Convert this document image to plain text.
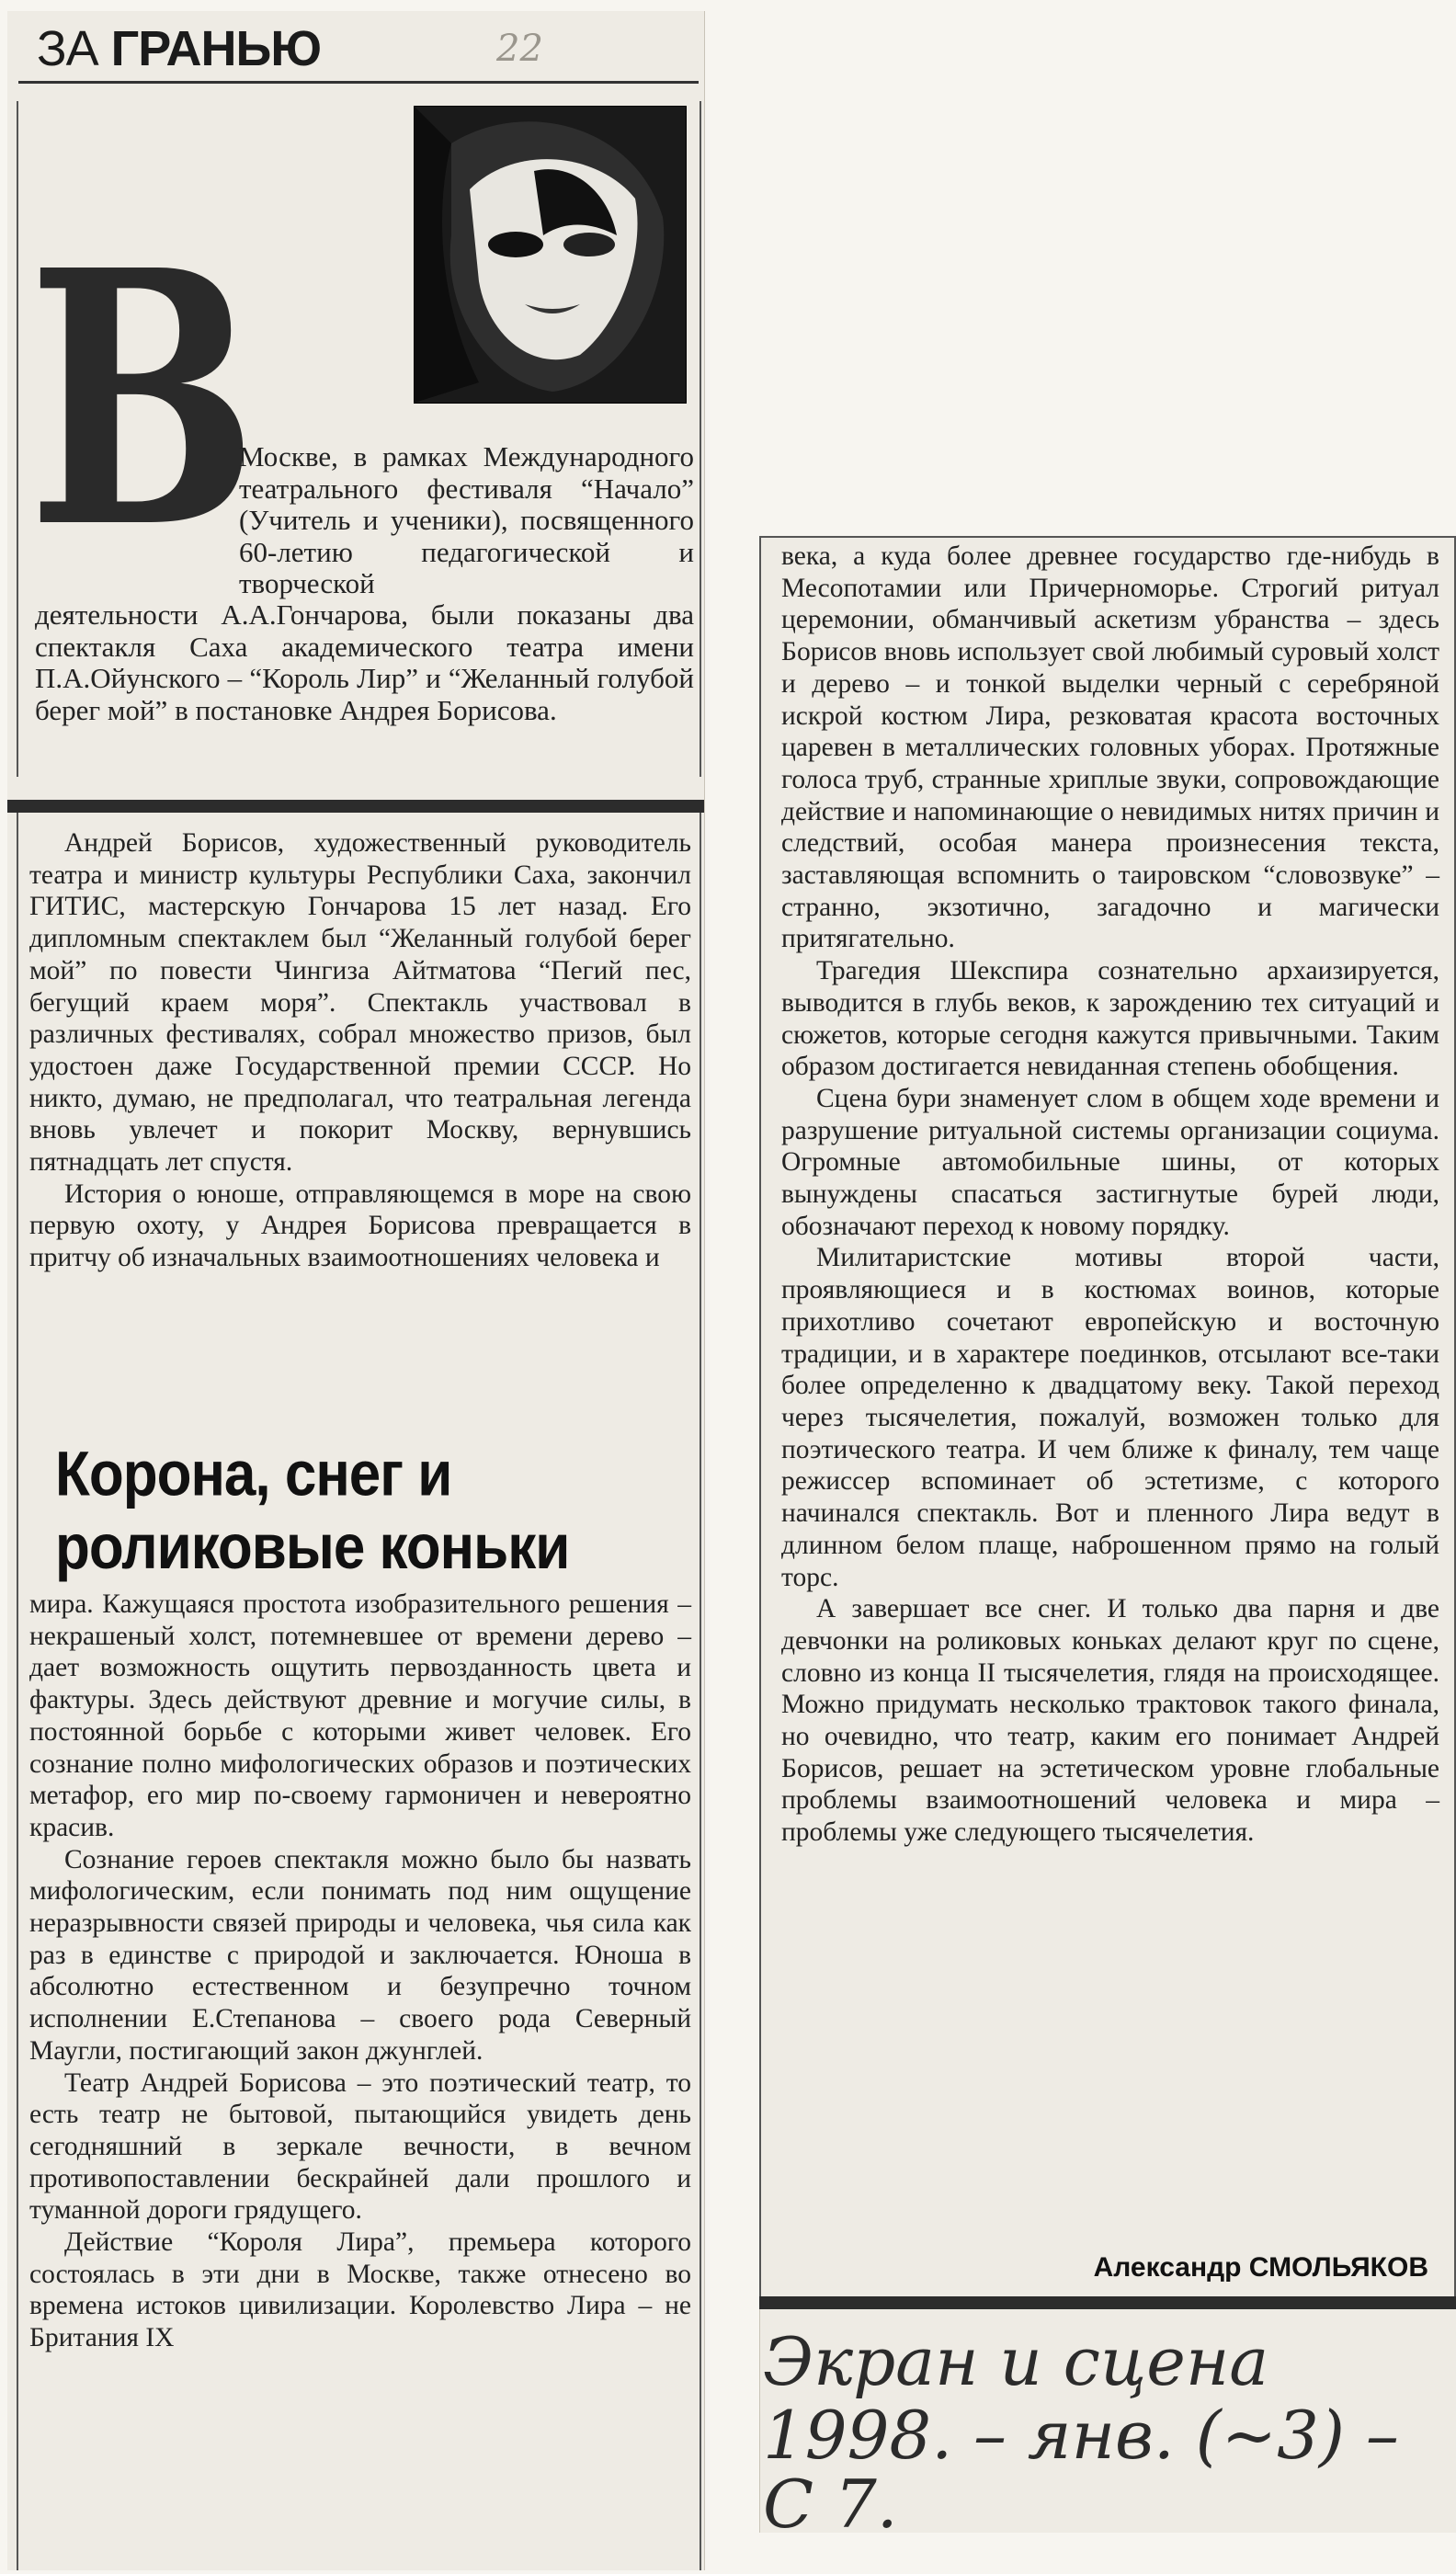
22
ЗА ГРАНЬЮ
В

Москве, в рамках Международного театрального фестиваля “Начало” (Учитель и ученики), посвященного 60-летию педагогической и творческой

деятельности А.А.Гончарова, были показаны два спектакля Саха академического театра имени П.А.Ойунского – “Король Лир” и “Желанный голубой берег мой” в постановке Андрея Борисова.

Андрей Борисов, художественный руководитель театра и министр культуры Республики Саха, закончил ГИТИС, мастерскую Гончарова 15 лет назад. Его дипломным спектаклем был “Желанный голубой берег мой” по повести Чингиза Айтматова “Пегий пес, бегущий краем моря”. Спектакль участвовал в различных фестивалях, собрал множество призов, был удостоен даже Государственной премии СССР. Но никто, думаю, не предполагал, что театральная легенда вновь увлечет и покорит Москву, вернувшись пятнадцать лет спустя.

История о юноше, отправляющемся в море на свою первую охоту, у Андрея Борисова превращается в притчу об изначальных взаимоотношениях человека и

Корона, снег и
роликовые коньки

мира. Кажущаяся простота изобразительного решения – некрашеный холст, потемневшее от времени дерево – дает возможность ощутить первозданность цвета и фактуры. Здесь действуют древние и могучие силы, в постоянной борьбе с которыми живет человек. Его сознание полно мифологических образов и поэтических метафор, его мир по-своему гармоничен и невероятно красив.

Сознание героев спектакля можно было бы назвать мифологическим, если понимать под ним ощущение неразрывности связей природы и человека, чья сила как раз в единстве с природой и заключается. Юноша в абсолютно естественном и безупречно точном исполнении Е.Степанова – своего рода Северный Маугли, постигающий закон джунглей.

Театр Андрей Борисова – это поэтический театр, то есть театр не бытовой, пытающийся увидеть день сегодняшний в зеркале вечности, в вечном противопоставлении бескрайней дали прошлого и туманной дороги грядущего.

Действие “Короля Лира”, премьера которого состоялась в эти дни в Москве, также отнесено во времена истоков цивилизации. Королевство Лира – не Британия IX

века, а куда более древнее государство где-нибудь в Месопотамии или Причерноморье. Строгий ритуал церемонии, обманчивый аскетизм убранства – здесь Борисов вновь использует свой любимый суровый холст и дерево – и тонкой выделки черный с серебряной искрой костюм Лира, резковатая красота восточных царевен в металлических головных уборах. Протяжные голоса труб, странные хриплые звуки, сопровождающие действие и напоминающие о невидимых нитях причин и следствий, особая манера произнесения текста, заставляющая вспомнить о таировском “словозвуке” – странно, экзотично, загадочно и магически притягательно.

Трагедия Шекспира сознательно архаизируется, выводится в глубь веков, к зарождению тех ситуаций и сюжетов, которые сегодня кажутся привычными. Таким образом достигается невиданная степень обобщения.

Сцена бури знаменует слом в общем ходе времени и разрушение ритуальной системы организации социума. Огромные автомобильные шины, от которых вынуждены спасаться застигнутые бурей люди, обозначают переход к новому порядку.

Милитаристские мотивы второй части, проявляющиеся и в костюмах воинов, которые прихотливо сочетают европейскую и восточную традиции, и в характере поединков, отсылают все-таки более определенно к двадцатому веку. Такой переход через тысячелетия, пожалуй, возможен только для поэтического театра. И чем ближе к финалу, тем чаще режиссер вспоминает об эстетизме, с которого начинался спектакль. Вот и пленного Лира ведут в длинном белом плаще, наброшенном прямо на голый торс.

А завершает все снег. И только два парня и две девчонки на роликовых коньках делают круг по сцене, словно из конца II тысячелетия, глядя на происходящее. Можно придумать несколько трактовок такого финала, но очевидно, что театр, каким его понимает Андрей Борисов, решает на эстетическом уровне глобальные проблемы взаимоотношений человека и мира – проблемы уже следующего тысячелетия.

Александр СМОЛЬЯКОВ
Экран и сцена
1998. – янв. (~3) –
С 7.
